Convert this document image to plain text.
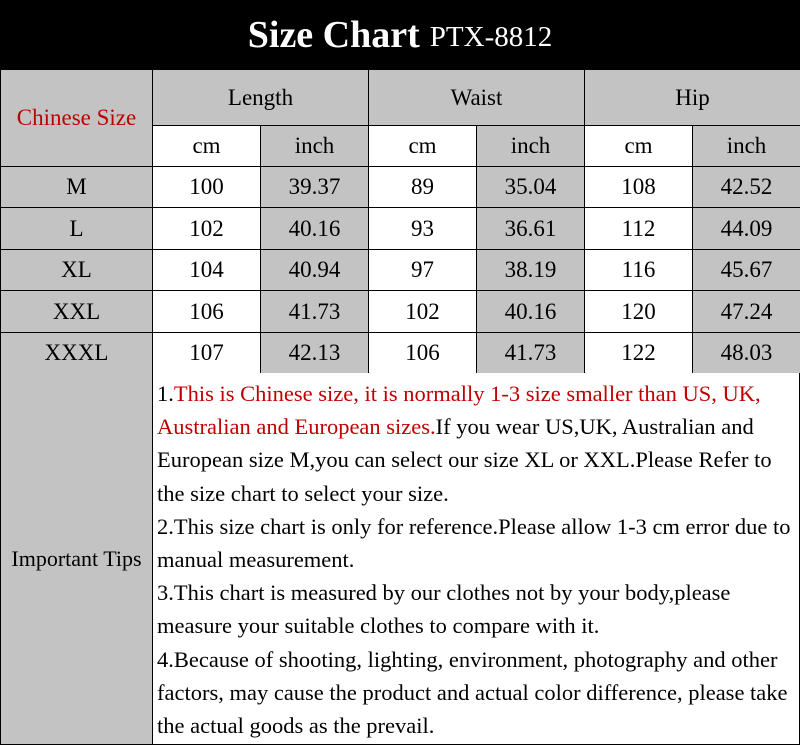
Size Chart PTX-8812
Chinese Size	Length		Waist		Hip	
	cm	inch	cm	inch	cm	inch
M	100	39.37	89	35.04	108	42.52
L	102	40.16	93	36.61	112	44.09
XL	104	40.94	97	38.19	116	45.67
XXL	106	41.73	102	40.16	120	47.24
XXXL	107	42.13	106	41.73	122	48.03
Important Tips

1.This is Chinese size, it is normally 1-3 size smaller than US, UK, Australian and European sizes.If you wear US,UK, Australian and European size M,you can select our size XL or XXL.Please Refer to the size chart to select your size.

2.This size chart is only for reference.Please allow 1-3 cm error due to manual measurement.

3.This chart is measured by our clothes not by your body,please measure your suitable clothes to compare with it.

4.Because of shooting, lighting, environment, photography and other factors, may cause the product and actual color difference, please take the actual goods as the prevail.
